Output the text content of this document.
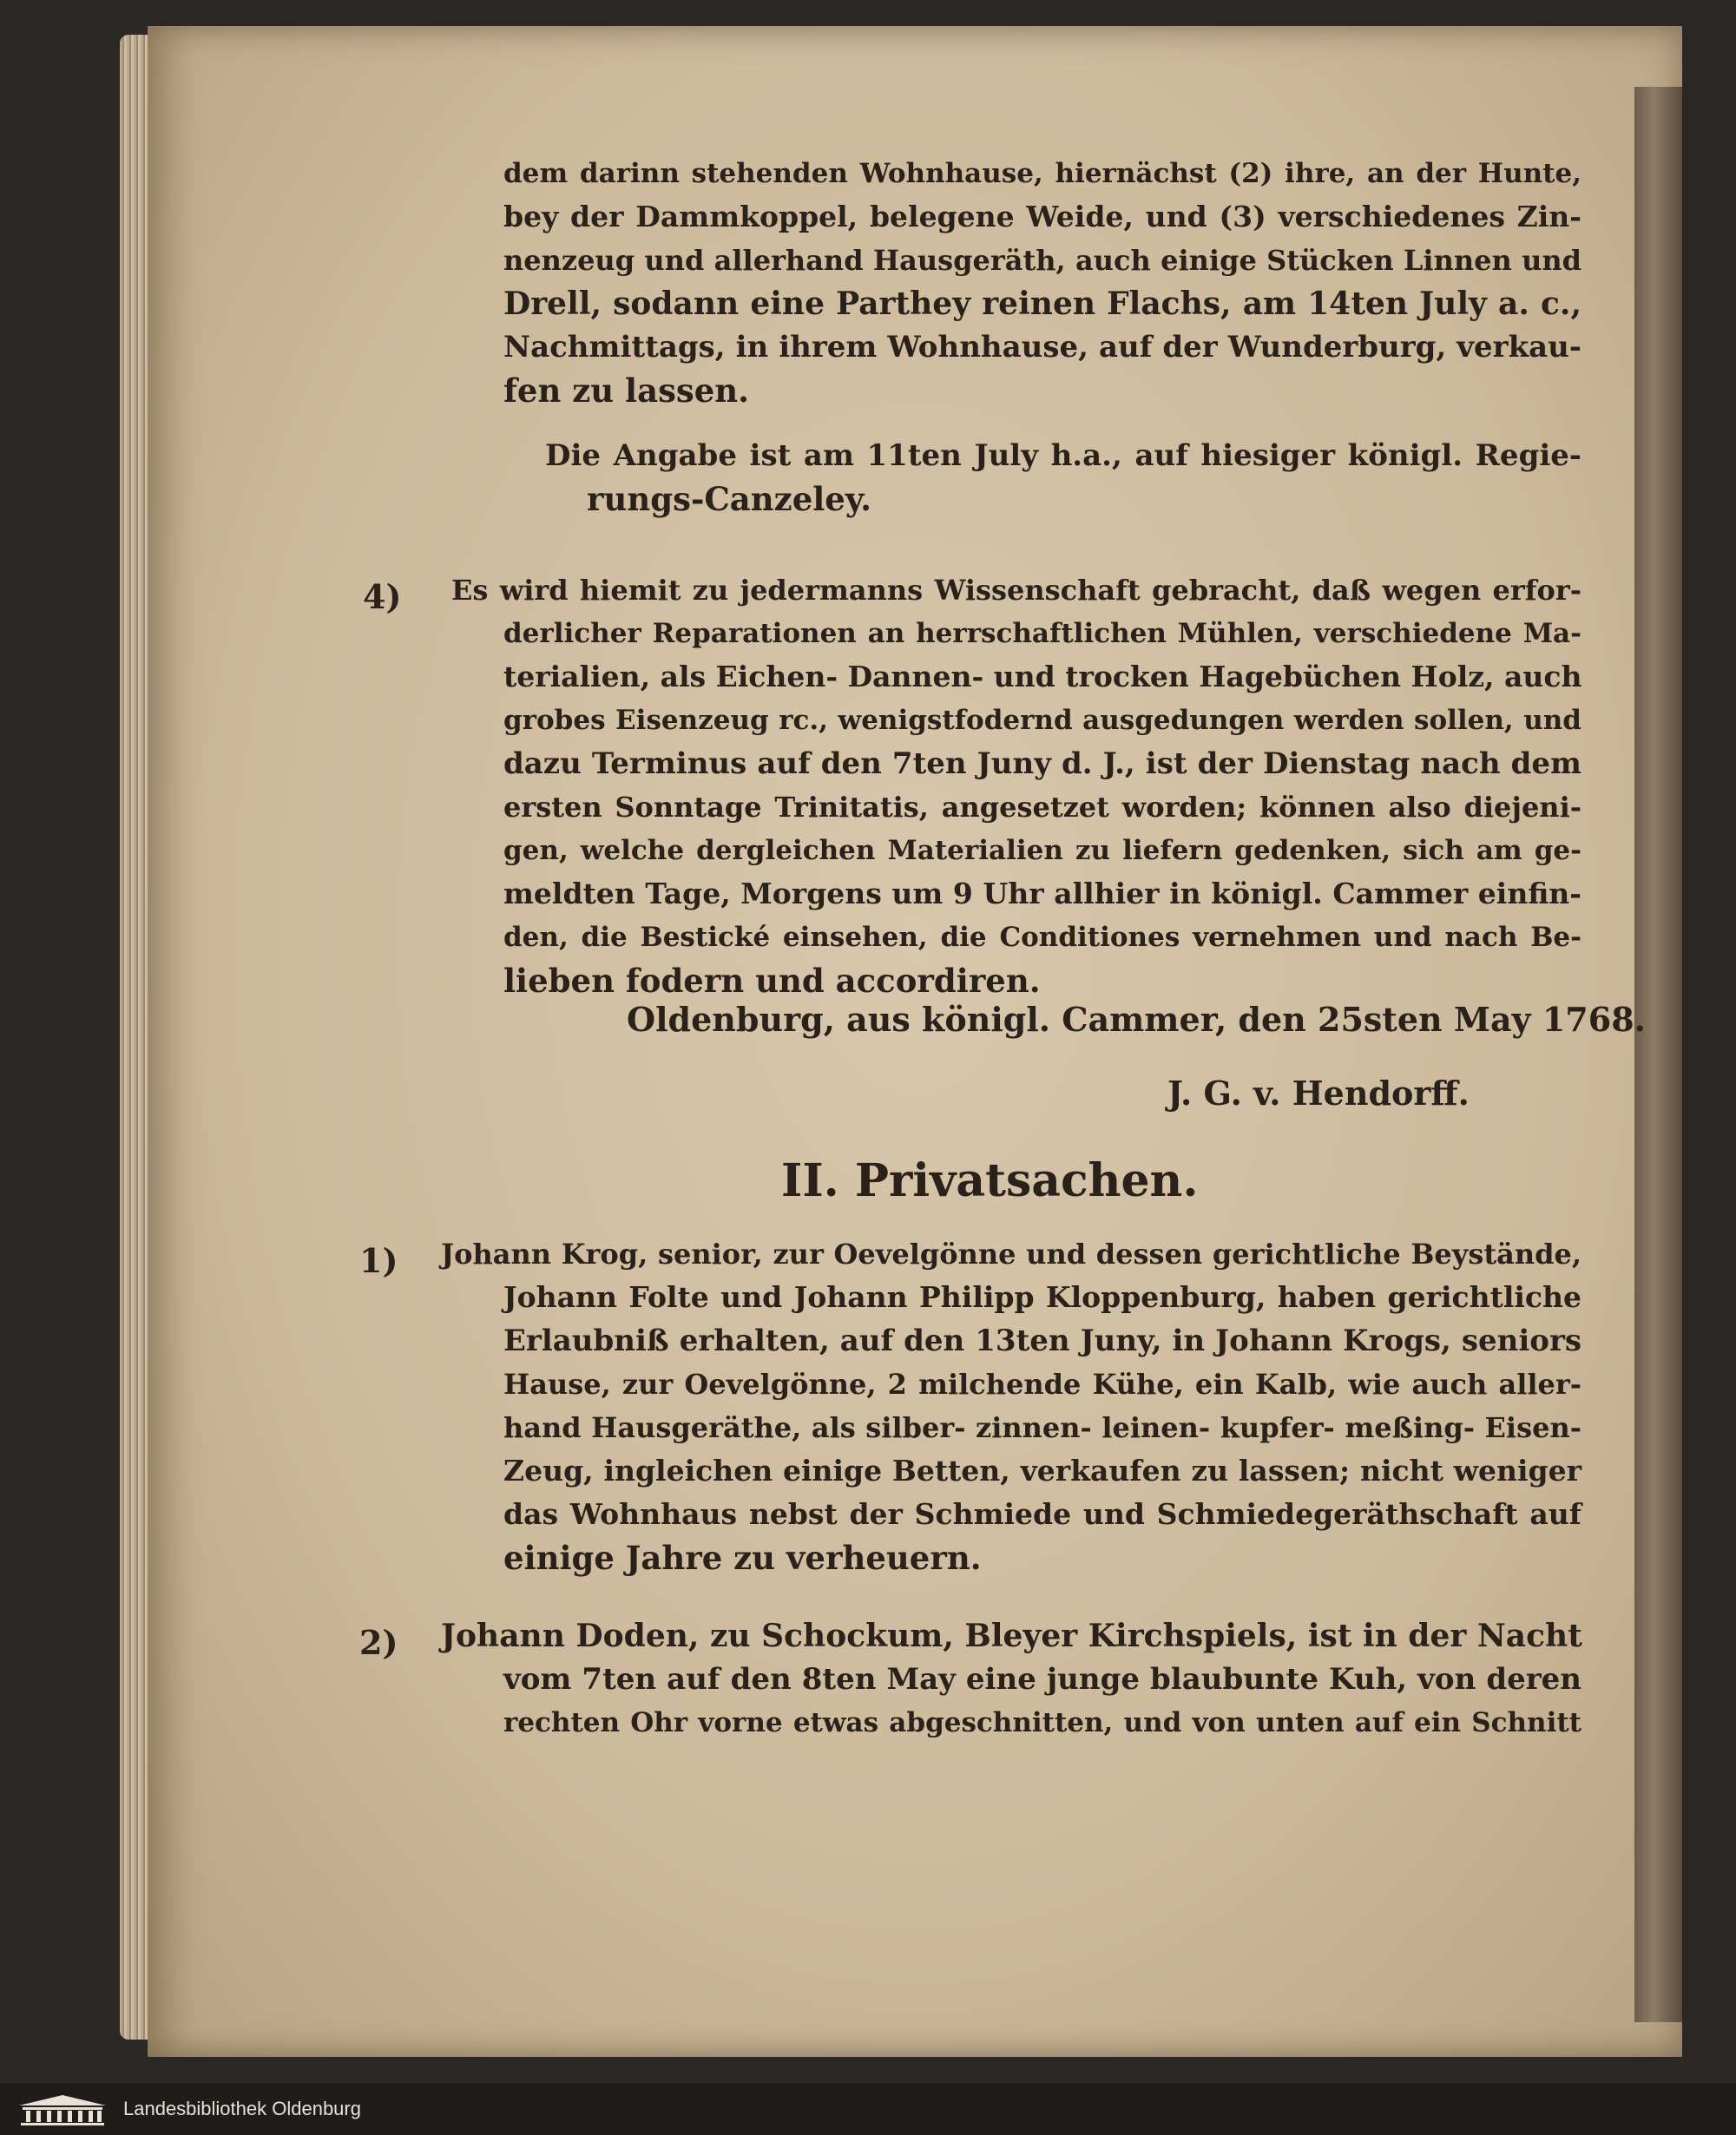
dem darinn stehenden Wohnhause, hiernächst (2) ihre, an der Hunte,
bey der Dammkoppel, belegene Weide, und (3) verschiedenes Zin-
nenzeug und allerhand Hausgeräth, auch einige Stücken Linnen und
Drell, sodann eine Parthey reinen Flachs, am 14ten July a. c.,
Nachmittags, in ihrem Wohnhause, auf der Wunderburg, verkau-
fen zu lassen.
Die Angabe ist am 11ten July h.a., auf hiesiger königl. Regie-
rungs-Canzeley.
4) Es wird hiemit zu jedermanns Wissenschaft gebracht, daß wegen erfor-
derlicher Reparationen an herrschaftlichen Mühlen, verschiedene Ma-
terialien, als Eichen- Dannen- und trocken Hagebüchen Holz, auch
grobes Eisenzeug rc., wenigstfodernd ausgedungen werden sollen, und
dazu Terminus auf den 7ten Juny d. J., ist der Dienstag nach dem
ersten Sonntage Trinitatis, angesetzet worden; können also diejeni-
gen, welche dergleichen Materialien zu liefern gedenken, sich am ge-
meldten Tage, Morgens um 9 Uhr allhier in königl. Cammer einfin-
den, die Bestické einsehen, die Conditiones vernehmen und nach Be-
lieben fodern und accordiren.
Oldenburg, aus königl. Cammer, den 25sten May 1768.
J. G. v. Hendorff.
II. Privatsachen.
1) Johann Krog, senior, zur Oevelgönne und dessen gerichtliche Beystände,
Johann Folte und Johann Philipp Kloppenburg, haben gerichtliche
Erlaubniß erhalten, auf den 13ten Juny, in Johann Krogs, seniors
Hause, zur Oevelgönne, 2 milchende Kühe, ein Kalb, wie auch aller-
hand Hausgeräthe, als silber- zinnen- leinen- kupfer- meßing- Eisen-
Zeug, ingleichen einige Betten, verkaufen zu lassen; nicht weniger
das Wohnhaus nebst der Schmiede und Schmiedegeräthschaft auf
einige Jahre zu verheuern.
2) Johann Doden, zu Schockum, Bleyer Kirchspiels, ist in der Nacht
vom 7ten auf den 8ten May eine junge blaubunte Kuh, von deren
rechten Ohr vorne etwas abgeschnitten, und von unten auf ein Schnitt
Landesbibliothek Oldenburg
